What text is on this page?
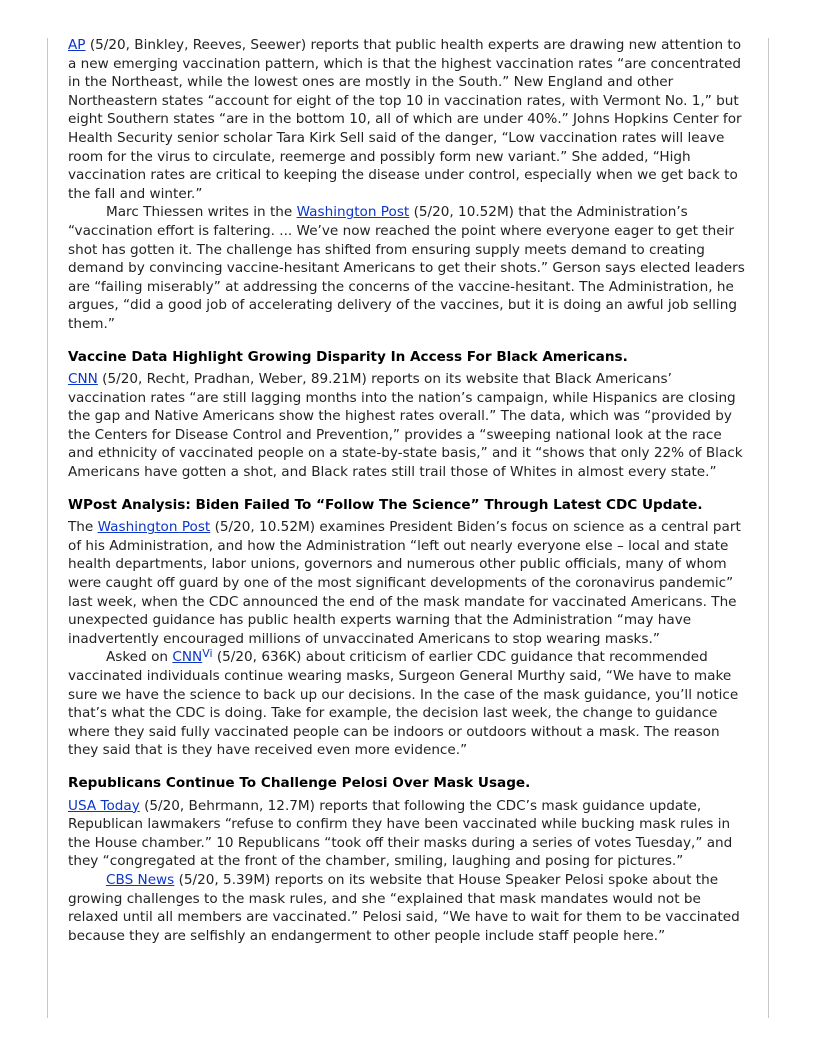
AP (5/20, Binkley, Reeves, Seewer) reports that public health experts are drawing new attention to a new emerging vaccination pattern, which is that the highest vaccination rates “are concentrated in the Northeast, while the lowest ones are mostly in the South.” New England and other Northeastern states “account for eight of the top 10 in vaccination rates, with Vermont No. 1,” but eight Southern states “are in the bottom 10, all of which are under 40%.” Johns Hopkins Center for Health Security senior scholar Tara Kirk Sell said of the danger, “Low vaccination rates will leave room for the virus to circulate, reemerge and possibly form new variant.” She added, “High vaccination rates are critical to keeping the disease under control, especially when we get back to the fall and winter.”

Marc Thiessen writes in the Washington Post (5/20, 10.52M) that the Administration’s “vaccination effort is faltering. ... We’ve now reached the point where everyone eager to get their shot has gotten it. The challenge has shifted from ensuring supply meets demand to creating demand by convincing vaccine-hesitant Americans to get their shots.” Gerson says elected leaders are “failing miserably” at addressing the concerns of the vaccine-hesitant. The Administration, he argues, “did a good job of accelerating delivery of the vaccines, but it is doing an awful job selling them.”

Vaccine Data Highlight Growing Disparity In Access For Black Americans.

CNN (5/20, Recht, Pradhan, Weber, 89.21M) reports on its website that Black Americans’ vaccination rates “are still lagging months into the nation’s campaign, while Hispanics are closing the gap and Native Americans show the highest rates overall.” The data, which was “provided by the Centers for Disease Control and Prevention,” provides a “sweeping national look at the race and ethnicity of vaccinated people on a state-by-state basis,” and it “shows that only 22% of Black Americans have gotten a shot, and Black rates still trail those of Whites in almost every state.”

WPost Analysis: Biden Failed To “Follow The Science” Through Latest CDC Update.

The Washington Post (5/20, 10.52M) examines President Biden’s focus on science as a central part of his Administration, and how the Administration “left out nearly everyone else – local and state health departments, labor unions, governors and numerous other public officials, many of whom were caught off guard by one of the most significant developments of the coronavirus pandemic” last week, when the CDC announced the end of the mask mandate for vaccinated Americans. The unexpected guidance has public health experts warning that the Administration “may have inadvertently encouraged millions of unvaccinated Americans to stop wearing masks.”

Asked on $CNN^{Vi}$ (5/20, 636K) about criticism of earlier CDC guidance that recommended vaccinated individuals continue wearing masks, Surgeon General Murthy said, “We have to make sure we have the science to back up our decisions. In the case of the mask guidance, you’ll notice that’s what the CDC is doing. Take for example, the decision last week, the change to guidance where they said fully vaccinated people can be indoors or outdoors without a mask. The reason they said that is they have received even more evidence.”

Republicans Continue To Challenge Pelosi Over Mask Usage.

USA Today (5/20, Behrmann, 12.7M) reports that following the CDC’s mask guidance update, Republican lawmakers “refuse to confirm they have been vaccinated while bucking mask rules in the House chamber.” 10 Republicans “took off their masks during a series of votes Tuesday,” and they “congregated at the front of the chamber, smiling, laughing and posing for pictures.”

CBS News (5/20, 5.39M) reports on its website that House Speaker Pelosi spoke about the growing challenges to the mask rules, and she “explained that mask mandates would not be relaxed until all members are vaccinated.” Pelosi said, “We have to wait for them to be vaccinated because they are selfishly an endangerment to other people include staff people here.”
